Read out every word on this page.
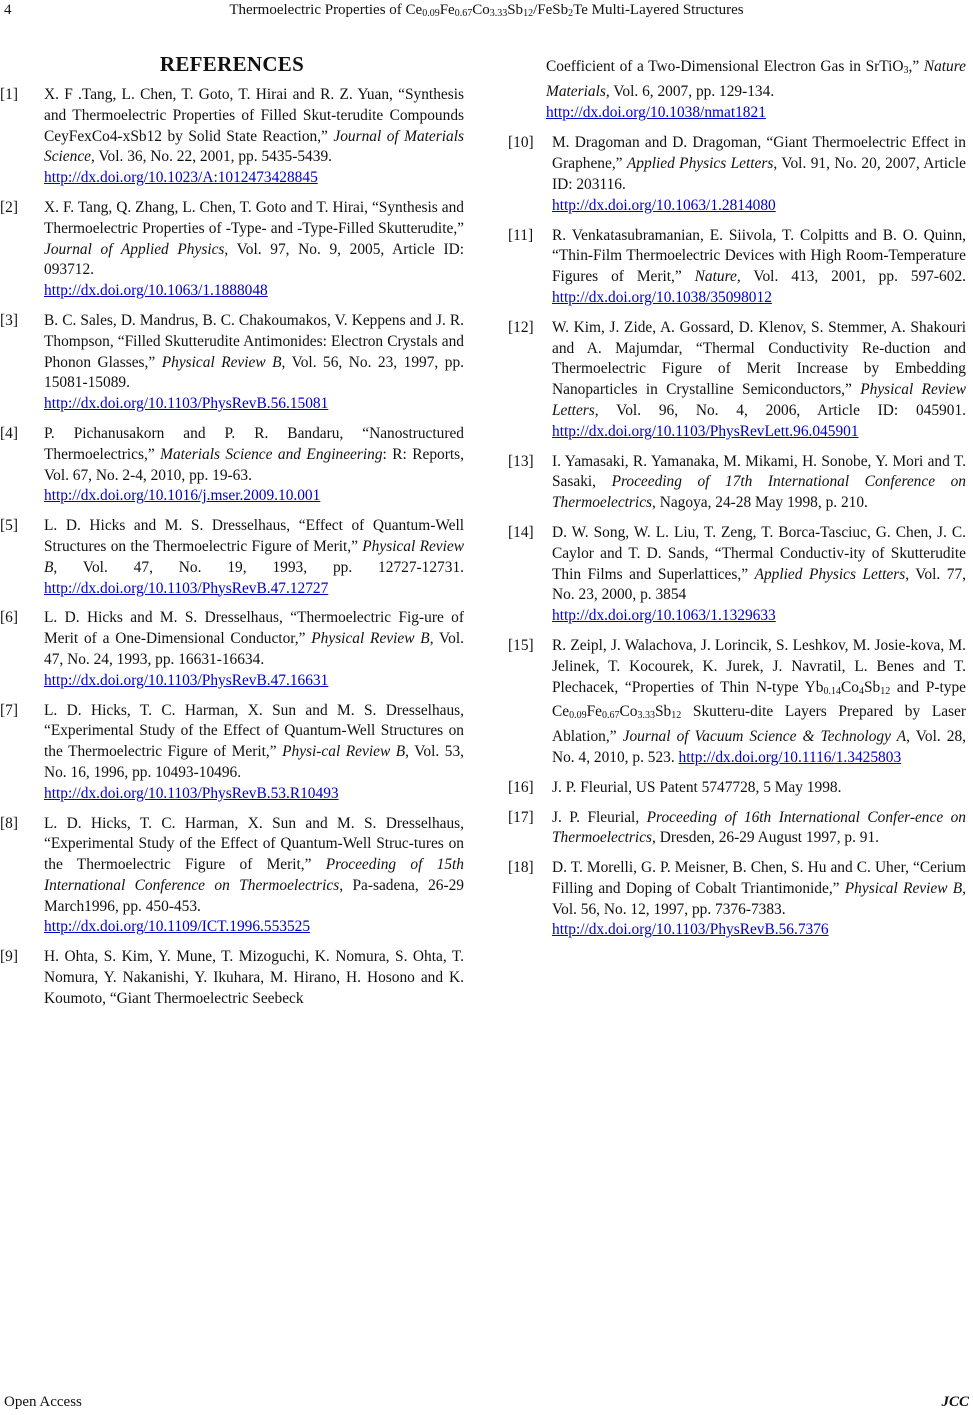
4	Thermoelectric Properties of $Ce_{0.09}Fe_{0.67}Co_{3.33}Sb_{12}/FeSb_2Te$ Multi-Layered Structures
REFERENCES
[1] X. F .Tang, L. Chen, T. Goto, T. Hirai and R. Z. Yuan, “Synthesis and Thermoelectric Properties of Filled Skut-terudite Compounds CeyFexCo4-xSb12 by Solid State Reaction,” Journal of Materials Science, Vol. 36, No. 22, 2001, pp. 5435-5439.
http://dx.doi.org/10.1023/A:1012473428845
[2] X. F. Tang, Q. Zhang, L. Chen, T. Goto and T. Hirai, “Synthesis and Thermoelectric Properties of -Type- and -Type-Filled Skutterudite,” Journal of Applied Physics, Vol. 97, No. 9, 2005, Article ID: 093712.
http://dx.doi.org/10.1063/1.1888048
[3] B. C. Sales, D. Mandrus, B. C. Chakoumakos, V. Keppens and J. R. Thompson, “Filled Skutterudite Antimonides: Electron Crystals and Phonon Glasses,” Physical Review B, Vol. 56, No. 23, 1997, pp. 15081-15089.
http://dx.doi.org/10.1103/PhysRevB.56.15081
[4] P. Pichanusakorn and P. R. Bandaru, “Nanostructured Thermoelectrics,” Materials Science and Engineering: R: Reports, Vol. 67, No. 2-4, 2010, pp. 19-63.
http://dx.doi.org/10.1016/j.mser.2009.10.001
[5] L. D. Hicks and M. S. Dresselhaus, “Effect of Quantum-Well Structures on the Thermoelectric Figure of Merit,” Physical Review B, Vol. 47, No. 19, 1993, pp. 12727-12731. http://dx.doi.org/10.1103/PhysRevB.47.12727
[6] L. D. Hicks and M. S. Dresselhaus, “Thermoelectric Fig-ure of Merit of a One-Dimensional Conductor,” Physical Review B, Vol. 47, No. 24, 1993, pp. 16631-16634.
http://dx.doi.org/10.1103/PhysRevB.47.16631
[7] L. D. Hicks, T. C. Harman, X. Sun and M. S. Dresselhaus, “Experimental Study of the Effect of Quantum-Well Structures on the Thermoelectric Figure of Merit,” Physi-cal Review B, Vol. 53, No. 16, 1996, pp. 10493-10496.
http://dx.doi.org/10.1103/PhysRevB.53.R10493
[8] L. D. Hicks, T. C. Harman, X. Sun and M. S. Dresselhaus, “Experimental Study of the Effect of Quantum-Well Struc-tures on the Thermoelectric Figure of Merit,” Proceeding of 15th International Conference on Thermoelectrics, Pa-sadena, 26-29 March1996, pp. 450-453.
http://dx.doi.org/10.1109/ICT.1996.553525
[9] H. Ohta, S. Kim, Y. Mune, T. Mizoguchi, K. Nomura, S. Ohta, T. Nomura, Y. Nakanishi, Y. Ikuhara, M. Hirano, H. Hosono and K. Koumoto, “Giant Thermoelectric Seebeck
Coefficient of a Two-Dimensional Electron Gas in SrTiO$_3$,” Nature Materials, Vol. 6, 2007, pp. 129-134.
http://dx.doi.org/10.1038/nmat1821
[10] M. Dragoman and D. Dragoman, “Giant Thermoelectric Effect in Graphene,” Applied Physics Letters, Vol. 91, No. 20, 2007, Article ID: 203116.
http://dx.doi.org/10.1063/1.2814080
[11] R. Venkatasubramanian, E. Siivola, T. Colpitts and B. O. Quinn, “Thin-Film Thermoelectric Devices with High Room-Temperature Figures of Merit,” Nature, Vol. 413, 2001, pp. 597-602. http://dx.doi.org/10.1038/35098012
[12] W. Kim, J. Zide, A. Gossard, D. Klenov, S. Stemmer, A. Shakouri and A. Majumdar, “Thermal Conductivity Re-duction and Thermoelectric Figure of Merit Increase by Embedding Nanoparticles in Crystalline Semiconductors,” Physical Review Letters, Vol. 96, No. 4, 2006, Article ID: 045901. http://dx.doi.org/10.1103/PhysRevLett.96.045901
[13] I. Yamasaki, R. Yamanaka, M. Mikami, H. Sonobe, Y. Mori and T. Sasaki, Proceeding of 17th International Conference on Thermoelectrics, Nagoya, 24-28 May 1998, p. 210.
[14] D. W. Song, W. L. Liu, T. Zeng, T. Borca-Tasciuc, G. Chen, J. C. Caylor and T. D. Sands, “Thermal Conductiv-ity of Skutterudite Thin Films and Superlattices,” Applied Physics Letters, Vol. 77, No. 23, 2000, p. 3854
http://dx.doi.org/10.1063/1.1329633
[15] R. Zeipl, J. Walachova, J. Lorincik, S. Leshkov, M. Josie-kova, M. Jelinek, T. Kocourek, K. Jurek, J. Navratil, L. Benes and T. Plechacek, “Properties of Thin N-type $Yb_{0.14}Co_4Sb_{12}$ and P-type $Ce_{0.09}Fe_{0.67}Co_{3.33}Sb_{12}$ Skutteru-dite Layers Prepared by Laser Ablation,” Journal of Vacuum Science & Technology A, Vol. 28, No. 4, 2010, p. 523. http://dx.doi.org/10.1116/1.3425803
[16] J. P. Fleurial, US Patent 5747728, 5 May 1998.
[17] J. P. Fleurial, Proceeding of 16th International Confer-ence on Thermoelectrics, Dresden, 26-29 August 1997, p. 91.
[18] D. T. Morelli, G. P. Meisner, B. Chen, S. Hu and C. Uher, “Cerium Filling and Doping of Cobalt Triantimonide,” Physical Review B, Vol. 56, No. 12, 1997, pp. 7376-7383.
http://dx.doi.org/10.1103/PhysRevB.56.7376
Open Access	JCC
